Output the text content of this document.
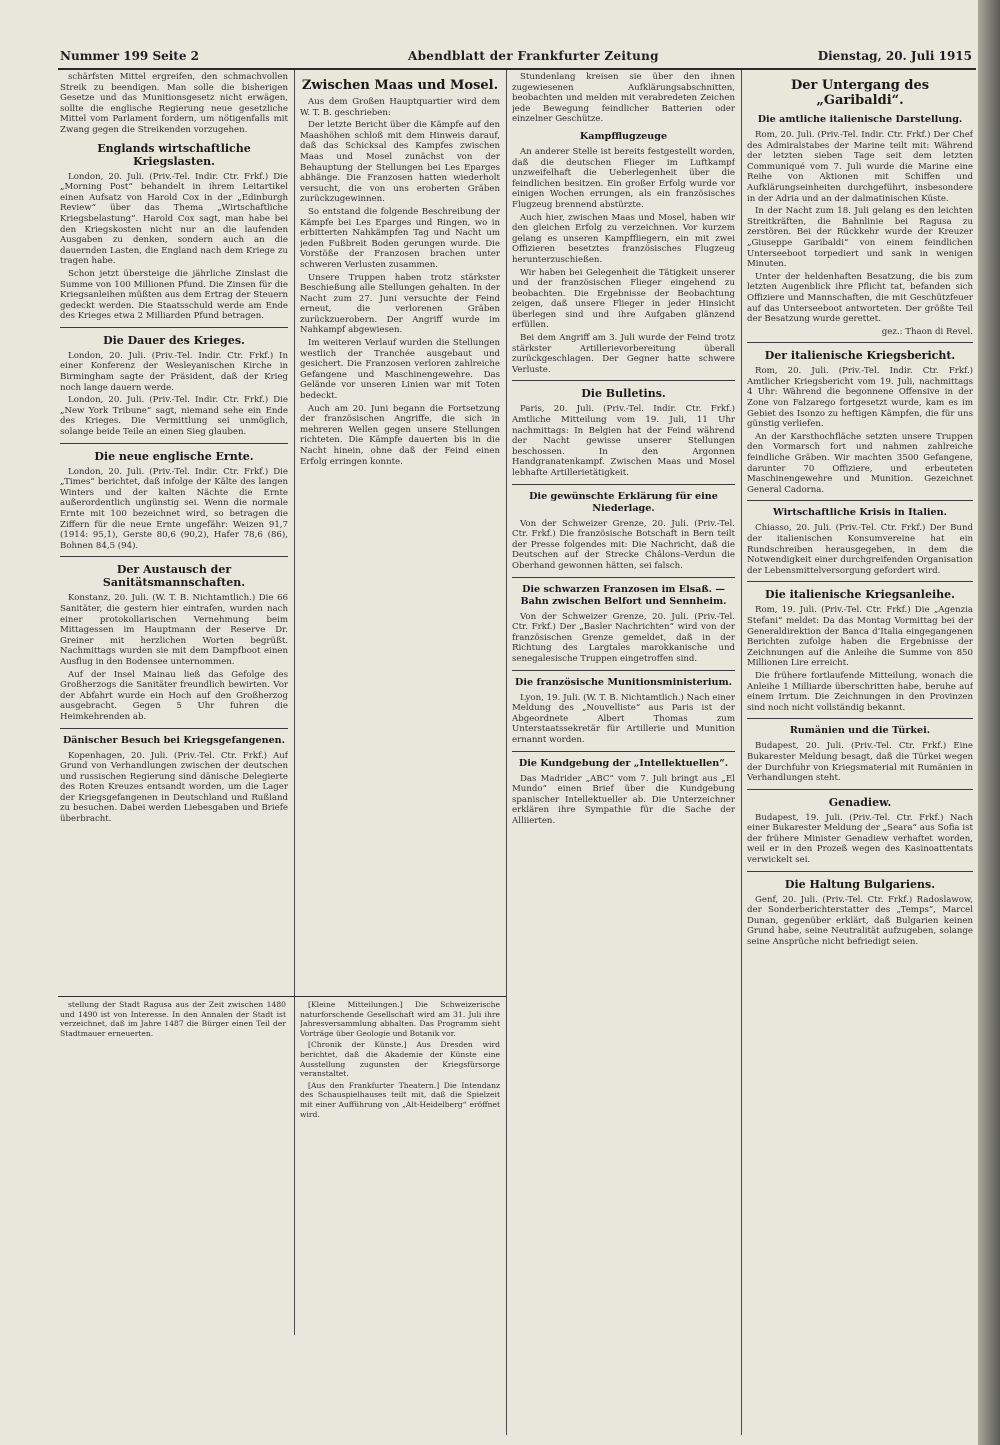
Nummer 199 Seite 2	Abendblatt der Frankfurter Zeitung	Dienstag, 20. Juli 1915

schärfsten Mittel ergreifen, den schmachvollen Streik zu beendigen. Man solle die bisherigen Gesetze und das Munitionsgesetz nicht erwägen, sollte die englische Regierung neue gesetzliche Mittel vom Parlament fordern, um nötigenfalls mit Zwang gegen die Streikenden vorzugehen.

Englands wirtschaftliche Kriegslasten.

London, 20. Juli. (Priv.-Tel. Indir. Ctr. Frkf.) Die „Morning Post“ behandelt in ihrem Leitartikel einen Aufsatz von Harold Cox in der „Edinburgh Review“ über das Thema „Wirtschaftliche Kriegsbelastung“. Harold Cox sagt, man habe bei den Kriegskosten nicht nur an die laufenden Ausgaben zu denken, sondern auch an die dauernden Lasten, die England nach dem Kriege zu tragen habe.

Schon jetzt übersteige die jährliche Zinslast die Summe von 100 Millionen Pfund. Die Zinsen für die Kriegsanleihen müßten aus dem Ertrag der Steuern gedeckt werden. Die Staatsschuld werde am Ende des Krieges etwa 2 Milliarden Pfund betragen.

Die Dauer des Krieges.

London, 20. Juli. (Priv.-Tel. Indir. Ctr. Frkf.) In einer Konferenz der Wesleyanischen Kirche in Birmingham sagte der Präsident, daß der Krieg noch lange dauern werde.

London, 20. Juli. (Priv.-Tel. Indir. Ctr. Frkf.) Die „New York Tribune“ sagt, niemand sehe ein Ende des Krieges. Die Vermittlung sei unmöglich, solange beide Teile an einen Sieg glauben.

Die neue englische Ernte.

London, 20. Juli. (Priv.-Tel. Indir. Ctr. Frkf.) Die „Times“ berichtet, daß infolge der Kälte des langen Winters und der kalten Nächte die Ernte außerordentlich ungünstig sei. Wenn die normale Ernte mit 100 bezeichnet wird, so betragen die Ziffern für die neue Ernte ungefähr: Weizen 91,7 (1914: 95,1), Gerste 80,6 (90,2), Hafer 78,6 (86), Bohnen 84,5 (94).

Der Austausch der Sanitätsmannschaften.

Konstanz, 20. Juli. (W. T. B. Nichtamtlich.) Die 66 Sanitäter, die gestern hier eintrafen, wurden nach einer protokollarischen Vernehmung beim Mittagessen im Hauptmann der Reserve Dr. Greiner mit herzlichen Worten begrüßt. Nachmittags wurden sie mit dem Dampfboot einen Ausflug in den Bodensee unternommen.

Auf der Insel Mainau ließ das Gefolge des Großherzogs die Sanitäter freundlich bewirten. Vor der Abfahrt wurde ein Hoch auf den Großherzog ausgebracht. Gegen 5 Uhr fuhren die Heimkehrenden ab.

Dänischer Besuch bei Kriegsgefangenen.

Kopenhagen, 20. Juli. (Priv.-Tel. Ctr. Frkf.) Auf Grund von Verhandlungen zwischen der deutschen und russischen Regierung sind dänische Delegierte des Roten Kreuzes entsandt worden, um die Lager der Kriegsgefangenen in Deutschland und Rußland zu besuchen. Dabei werden Liebesgaben und Briefe überbracht.

Zwischen Maas und Mosel.

Aus dem Großen Hauptquartier wird dem W. T. B. geschrieben:

Der letzte Bericht über die Kämpfe auf den Maashöhen schloß mit dem Hinweis darauf, daß das Schicksal des Kampfes zwischen Maas und Mosel zunächst von der Behauptung der Stellungen bei Les Eparges abhänge. Die Franzosen hatten wiederholt versucht, die von uns eroberten Gräben zurückzugewinnen.

So entstand die folgende Beschreibung der Kämpfe bei Les Eparges und Ringen, wo in erbitterten Nahkämpfen Tag und Nacht um jeden Fußbreit Boden gerungen wurde. Die Vorstöße der Franzosen brachen unter schweren Verlusten zusammen.

Unsere Truppen haben trotz stärkster Beschießung alle Stellungen gehalten. In der Nacht zum 27. Juni versuchte der Feind erneut, die verlorenen Gräben zurückzuerobern. Der Angriff wurde im Nahkampf abgewiesen.

Im weiteren Verlauf wurden die Stellungen westlich der Tranchée ausgebaut und gesichert. Die Franzosen verloren zahlreiche Gefangene und Maschinengewehre. Das Gelände vor unseren Linien war mit Toten bedeckt.

Auch am 20. Juni begann die Fortsetzung der französischen Angriffe, die sich in mehreren Wellen gegen unsere Stellungen richteten. Die Kämpfe dauerten bis in die Nacht hinein, ohne daß der Feind einen Erfolg erringen konnte.

stellung der Stadt Ragusa aus der Zeit zwischen 1480 und 1490 ist von Interesse. In den Annalen der Stadt ist verzeichnet, daß im Jahre 1487 die Bürger einen Teil der Stadtmauer erneuerten.

[Kleine Mitteilungen.] Die Schweizerische naturforschende Gesellschaft wird am 31. Juli ihre Jahresversammlung abhalten. Das Programm sieht Vorträge über Geologie und Botanik vor.

[Chronik der Künste.] Aus Dresden wird berichtet, daß die Akademie der Künste eine Ausstellung zugunsten der Kriegsfürsorge veranstaltet.

[Aus den Frankfurter Theatern.] Die Intendanz des Schauspielhauses teilt mit, daß die Spielzeit mit einer Aufführung von „Alt-Heidelberg“ eröffnet wird.

Stundenlang kreisen sie über den ihnen zugewiesenen Aufklärungsabschnitten, beobachten und melden mit verabredeten Zeichen jede Bewegung feindlicher Batterien oder einzelner Geschütze.

Kampfflugzeuge

An anderer Stelle ist bereits festgestellt worden, daß die deutschen Flieger im Luftkampf unzweifelhaft die Ueberlegenheit über die feindlichen besitzen. Ein großer Erfolg wurde vor einigen Wochen errungen, als ein französisches Flugzeug brennend abstürzte.

Auch hier, zwischen Maas und Mosel, haben wir den gleichen Erfolg zu verzeichnen. Vor kurzem gelang es unseren Kampffliegern, ein mit zwei Offizieren besetztes französisches Flugzeug herunterzuschießen.

Wir haben bei Gelegenheit die Tätigkeit unserer und der französischen Flieger eingehend zu beobachten. Die Ergebnisse der Beobachtung zeigen, daß unsere Flieger in jeder Hinsicht überlegen sind und ihre Aufgaben glänzend erfüllen.

Bei dem Angriff am 3. Juli wurde der Feind trotz stärkster Artillerievorbereitung überall zurückgeschlagen. Der Gegner hatte schwere Verluste.

Die Bulletins.

Paris, 20. Juli. (Priv.-Tel. Indir. Ctr. Frkf.) Amtliche Mitteilung vom 19. Juli, 11 Uhr nachmittags: In Belgien hat der Feind während der Nacht gewisse unserer Stellungen beschossen. In den Argonnen Handgranatenkampf. Zwischen Maas und Mosel lebhafte Artillerietätigkeit.

Die gewünschte Erklärung für eine Niederlage.

Von der Schweizer Grenze, 20. Juli. (Priv.-Tel. Ctr. Frkf.) Die französische Botschaft in Bern teilt der Presse folgendes mit: Die Nachricht, daß die Deutschen auf der Strecke Châlons–Verdun die Oberhand gewonnen hätten, sei falsch.

Die schwarzen Franzosen im Elsaß. — Bahn zwischen Belfort und Sennheim.

Von der Schweizer Grenze, 20. Juli. (Priv.-Tel. Ctr. Frkf.) Der „Basler Nachrichten“ wird von der französischen Grenze gemeldet, daß in der Richtung des Largtales marokkanische und senegalesische Truppen eingetroffen sind.

Die französische Munitionsministerium.

Lyon, 19. Juli. (W. T. B. Nichtamtlich.) Nach einer Meldung des „Nouvelliste“ aus Paris ist der Abgeordnete Albert Thomas zum Unterstaatssekretär für Artillerie und Munition ernannt worden.

Die Kundgebung der „Intellektuellen“.

Das Madrider „ABC“ vom 7. Juli bringt aus „El Mundo“ einen Brief über die Kundgebung spanischer Intellektueller ab. Die Unterzeichner erklären ihre Sympathie für die Sache der Alliierten.

Der Untergang des „Garibaldi“.
Die amtliche italienische Darstellung.

Rom, 20. Juli. (Priv.-Tel. Indir. Ctr. Frkf.) Der Chef des Admiralstabes der Marine teilt mit: Während der letzten sieben Tage seit dem letzten Communiqué vom 7. Juli wurde die Marine eine Reihe von Aktionen mit Schiffen und Aufklärungseinheiten durchgeführt, insbesondere in der Adria und an der dalmatinischen Küste.

In der Nacht zum 18. Juli gelang es den leichten Streitkräften, die Bahnlinie bei Ragusa zu zerstören. Bei der Rückkehr wurde der Kreuzer „Giuseppe Garibaldi“ von einem feindlichen Unterseeboot torpediert und sank in wenigen Minuten.

Unter der heldenhaften Besatzung, die bis zum letzten Augenblick ihre Pflicht tat, befanden sich Offiziere und Mannschaften, die mit Geschützfeuer auf das Unterseeboot antworteten. Der größte Teil der Besatzung wurde gerettet.

gez.: Thaon di Revel.

Der italienische Kriegsbericht.

Rom, 20. Juli. (Priv.-Tel. Indir. Ctr. Frkf.) Amtlicher Kriegsbericht vom 19. Juli, nachmittags 4 Uhr: Während die begonnene Offensive in der Zone von Falzarego fortgesetzt wurde, kam es im Gebiet des Isonzo zu heftigen Kämpfen, die für uns günstig verliefen.

An der Karsthochfläche setzten unsere Truppen den Vormarsch fort und nahmen zahlreiche feindliche Gräben. Wir machten 3500 Gefangene, darunter 70 Offiziere, und erbeuteten Maschinengewehre und Munition. Gezeichnet General Cadorna.

Wirtschaftliche Krisis in Italien.

Chiasso, 20. Juli. (Priv.-Tel. Ctr. Frkf.) Der Bund der italienischen Konsumvereine hat ein Rundschreiben herausgegeben, in dem die Notwendigkeit einer durchgreifenden Organisation der Lebensmittelversorgung gefordert wird.

Die italienische Kriegsanleihe.

Rom, 19. Juli. (Priv.-Tel. Ctr. Frkf.) Die „Agenzia Stefani“ meldet: Da das Montag Vormittag bei der Generaldirektion der Banca d’Italia eingegangenen Berichten zufolge haben die Ergebnisse der Zeichnungen auf die Anleihe die Summe von 850 Millionen Lire erreicht.

Die frühere fortlaufende Mitteilung, wonach die Anleihe 1 Milliarde überschritten habe, beruhe auf einem Irrtum. Die Zeichnungen in den Provinzen sind noch nicht vollständig bekannt.

Rumänien und die Türkei.

Budapest, 20. Juli. (Priv.-Tel. Ctr. Frkf.) Eine Bukarester Meldung besagt, daß die Türkei wegen der Durchfuhr von Kriegsmaterial mit Rumänien in Verhandlungen steht.

Genadiew.

Budapest, 19. Juli. (Priv.-Tel. Ctr. Frkf.) Nach einer Bukarester Meldung der „Seara“ aus Sofia ist der frühere Minister Genadiew verhaftet worden, weil er in den Prozeß wegen des Kasinoattentats verwickelt sei.

Die Haltung Bulgariens.

Genf, 20. Juli. (Priv.-Tel. Ctr. Frkf.) Radoslawow, der Sonderberichterstatter des „Temps“, Marcel Dunan, gegenüber erklärt, daß Bulgarien keinen Grund habe, seine Neutralität aufzugeben, solange seine Ansprüche nicht befriedigt seien.
